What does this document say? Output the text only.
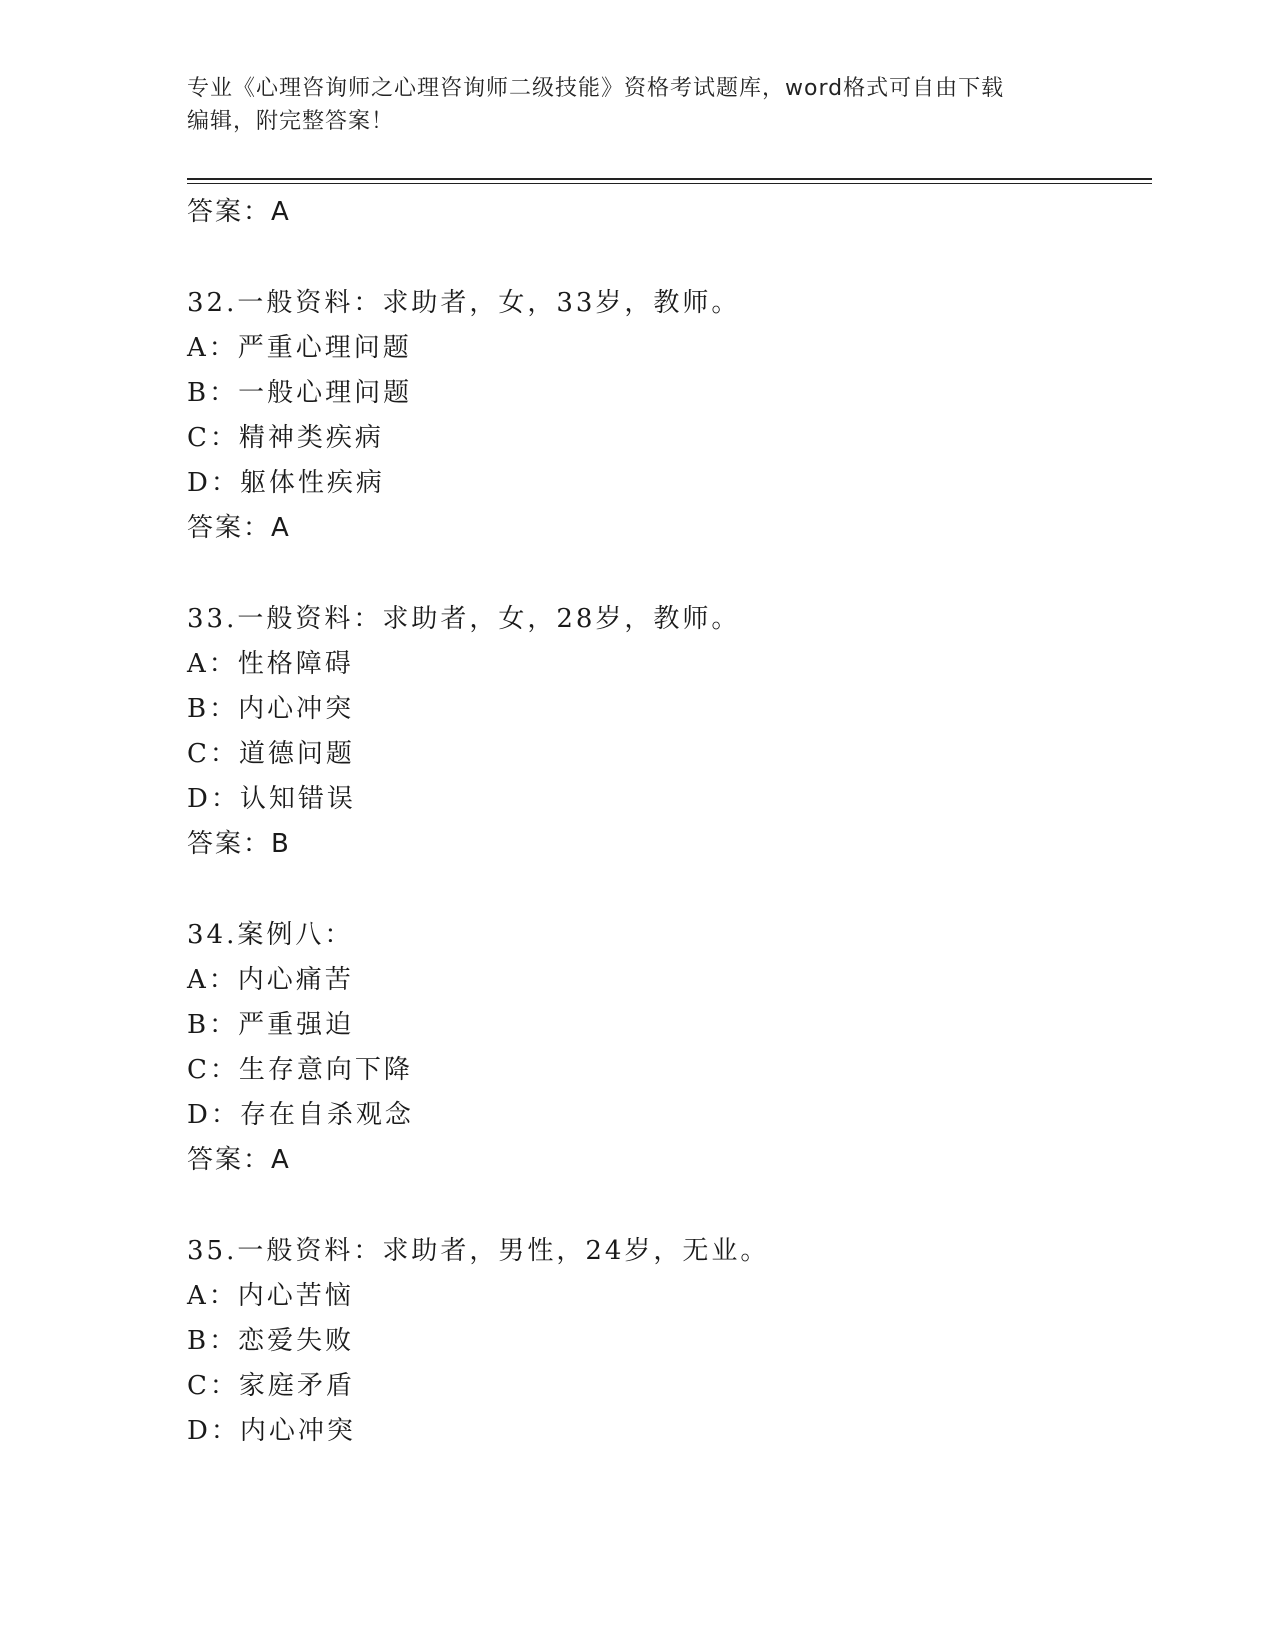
专业《心理咨询师之心理咨询师二级技能》资格考试题库，word格式可自由下载
编辑，附完整答案！
答案：A
32.一般资料：求助者，女，33岁，教师。
A：严重心理问题
B：一般心理问题
C：精神类疾病
D：躯体性疾病
答案：A
33.一般资料：求助者，女，28岁，教师。
A：性格障碍
B：内心冲突
C：道德问题
D：认知错误
答案：B
34.案例八：
A：内心痛苦
B：严重强迫
C：生存意向下降
D：存在自杀观念
答案：A
35.一般资料：求助者，男性，24岁，无业。
A：内心苦恼
B：恋爱失败
C：家庭矛盾
D：内心冲突
